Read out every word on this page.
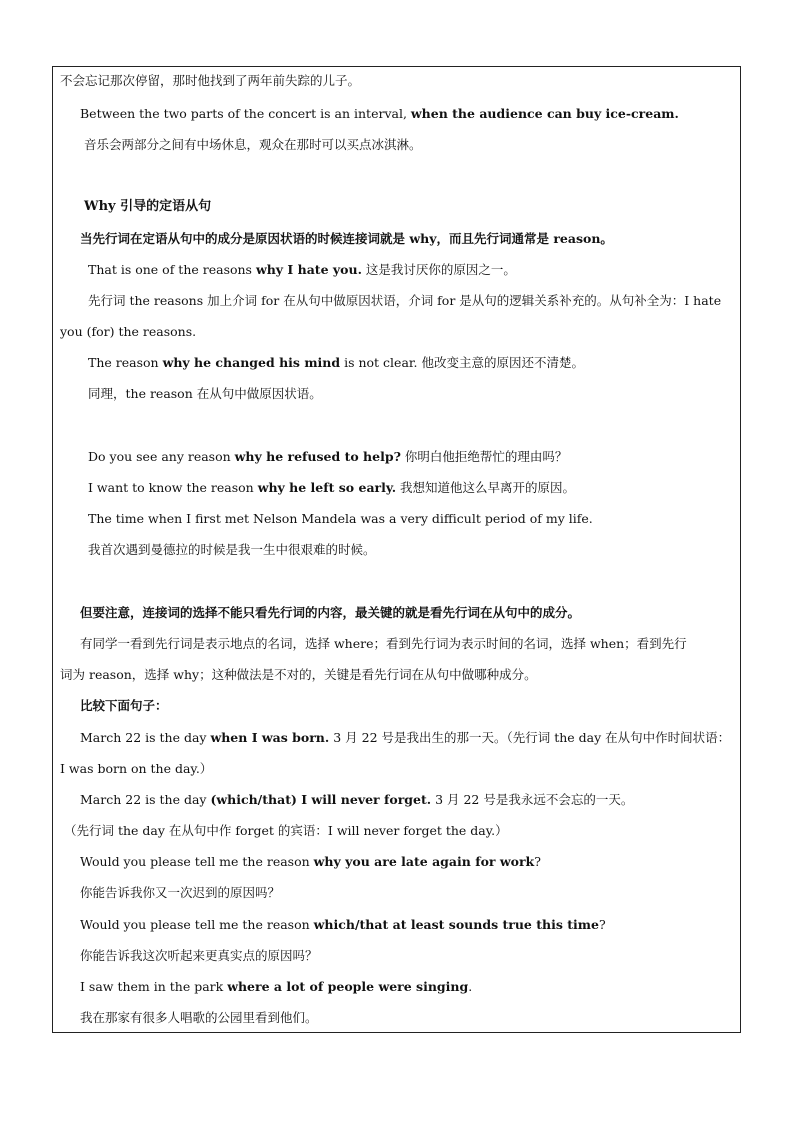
不会忘记那次停留，那时他找到了两年前失踪的儿子。
Between the two parts of the concert is an interval, when the audience can buy ice-cream.
音乐会两部分之间有中场休息，观众在那时可以买点冰淇淋。
Why 引导的定语从句
当先行词在定语从句中的成分是原因状语的时候连接词就是 why，而且先行词通常是 reason。
That is one of the reasons why I hate you. 这是我讨厌你的原因之一。
先行词 the reasons 加上介词 for 在从句中做原因状语，介词 for 是从句的逻辑关系补充的。从句补全为：I hate
you (for) the reasons.
The reason why he changed his mind is not clear. 他改变主意的原因还不清楚。
同理，the reason 在从句中做原因状语。
Do you see any reason why he refused to help? 你明白他拒绝帮忙的理由吗？
I want to know the reason why he left so early. 我想知道他这么早离开的原因。
The time when I first met Nelson Mandela was a very difficult period of my life.
我首次遇到曼德拉的时候是我一生中很艰难的时候。
但要注意，连接词的选择不能只看先行词的内容，最关键的就是看先行词在从句中的成分。
有同学一看到先行词是表示地点的名词，选择 where；看到先行词为表示时间的名词，选择 when；看到先行
词为 reason，选择 why；这种做法是不对的，关键是看先行词在从句中做哪种成分。
比较下面句子：
March 22 is the day when I was born. 3 月 22 号是我出生的那一天。（先行词 the day 在从句中作时间状语：
I was born on the day.）
March 22 is the day (which/that) I will never forget. 3 月 22 号是我永远不会忘的一天。
（先行词 the day 在从句中作 forget 的宾语：I will never forget the day.）
Would you please tell me the reason why you are late again for work?
你能告诉我你又一次迟到的原因吗？
Would you please tell me the reason which/that at least sounds true this time?
你能告诉我这次听起来更真实点的原因吗？
I saw them in the park where a lot of people were singing.
我在那家有很多人唱歌的公园里看到他们。
